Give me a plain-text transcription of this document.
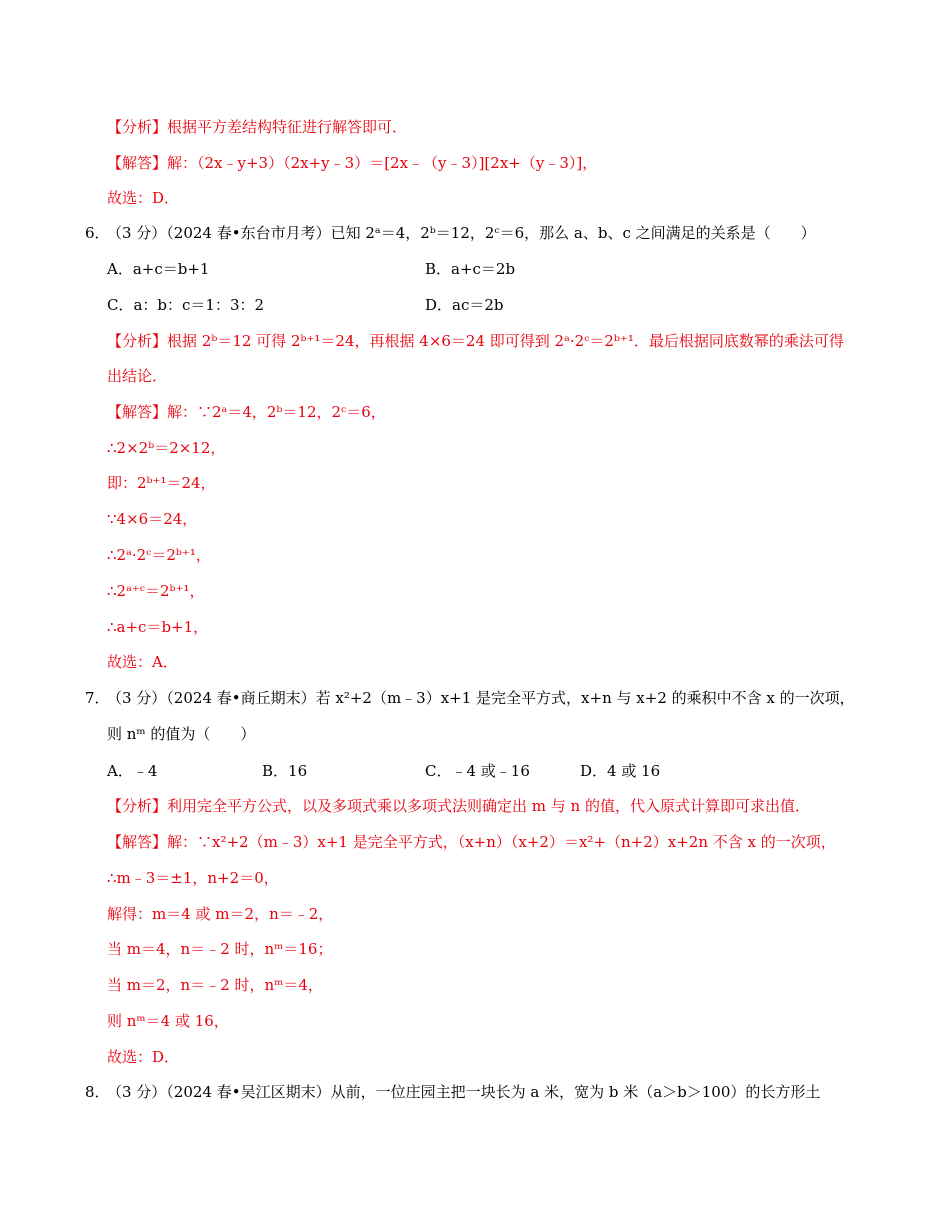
【分析】根据平方差结构特征进行解答即可．
【解答】解：（2x﹣y+3）（2x+y﹣3）＝[2x﹣（y﹣3）][2x+（y﹣3）]，
故选：D．
6．（3 分）（2024 春•东台市月考）已知 2ᵃ＝4，2ᵇ＝12，2ᶜ＝6，那么 a、b、c 之间满足的关系是（　　）
A．a+c＝b+1	B．a+c＝2b
C．a：b：c＝1：3：2	D．ac＝2b
【分析】根据 2ᵇ＝12 可得 2ᵇ⁺¹＝24，再根据 4×6＝24 即可得到 2ᵃ·2ᶜ＝2ᵇ⁺¹．最后根据同底数幂的乘法可得
出结论．
【解答】解：∵2ᵃ＝4，2ᵇ＝12，2ᶜ＝6，
∴2×2ᵇ＝2×12，
即：2ᵇ⁺¹＝24，
∵4×6＝24，
∴2ᵃ·2ᶜ＝2ᵇ⁺¹，
∴2ᵃ⁺ᶜ＝2ᵇ⁺¹，
∴a+c＝b+1，
故选：A．
7．（3 分）（2024 春•商丘期末）若 x²+2（m﹣3）x+1 是完全平方式，x+n 与 x+2 的乘积中不含 x 的一次项，
则 nᵐ 的值为（　　）
A．﹣4	B．16	C．﹣4 或﹣16	D．4 或 16
【分析】利用完全平方公式，以及多项式乘以多项式法则确定出 m 与 n 的值，代入原式计算即可求出值．
【解答】解：∵x²+2（m﹣3）x+1 是完全平方式，（x+n）（x+2）＝x²+（n+2）x+2n 不含 x 的一次项，
∴m﹣3＝±1，n+2＝0，
解得：m＝4 或 m＝2，n＝﹣2，
当 m＝4，n＝﹣2 时，nᵐ＝16；
当 m＝2，n＝﹣2 时，nᵐ＝4，
则 nᵐ＝4 或 16，
故选：D．
8．（3 分）（2024 春•吴江区期末）从前，一位庄园主把一块长为 a 米，宽为 b 米（a＞b＞100）的长方形土
